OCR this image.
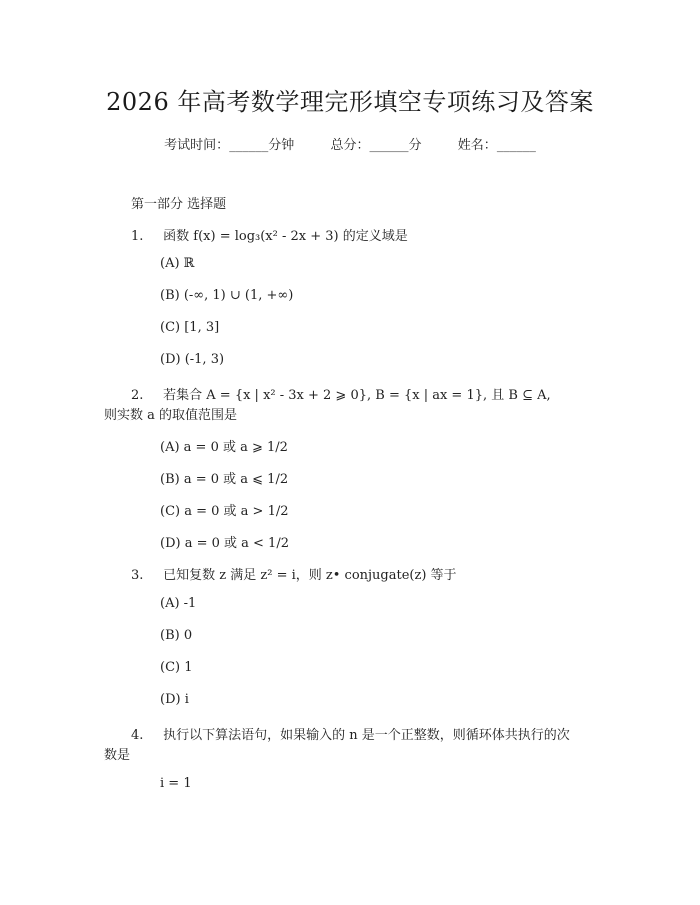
2026 年高考数学理完形填空专项练习及答案
考试时间：______分钟	总分：______分	姓名：______
第一部分 选择题
1. 函数 f(x) = log₃(x² - 2x + 3) 的定义域是
(A) ℝ
(B) (-∞, 1) ∪ (1, +∞)
(C) [1, 3]
(D) (-1, 3)
2. 若集合 A = {x | x² - 3x + 2 ⩾ 0}, B = {x | ax = 1}, 且 B ⊆ A,
则实数 a 的取值范围是
(A) a = 0 或 a ⩾ 1/2
(B) a = 0 或 a ⩽ 1/2
(C) a = 0 或 a > 1/2
(D) a = 0 或 a < 1/2
3. 已知复数 z 满足 z² = i，则 z• conjugate(z) 等于
(A) -1
(B) 0
(C) 1
(D) i
4. 执行以下算法语句，如果输入的 n 是一个正整数，则循环体共执行的次
数是
i = 1
